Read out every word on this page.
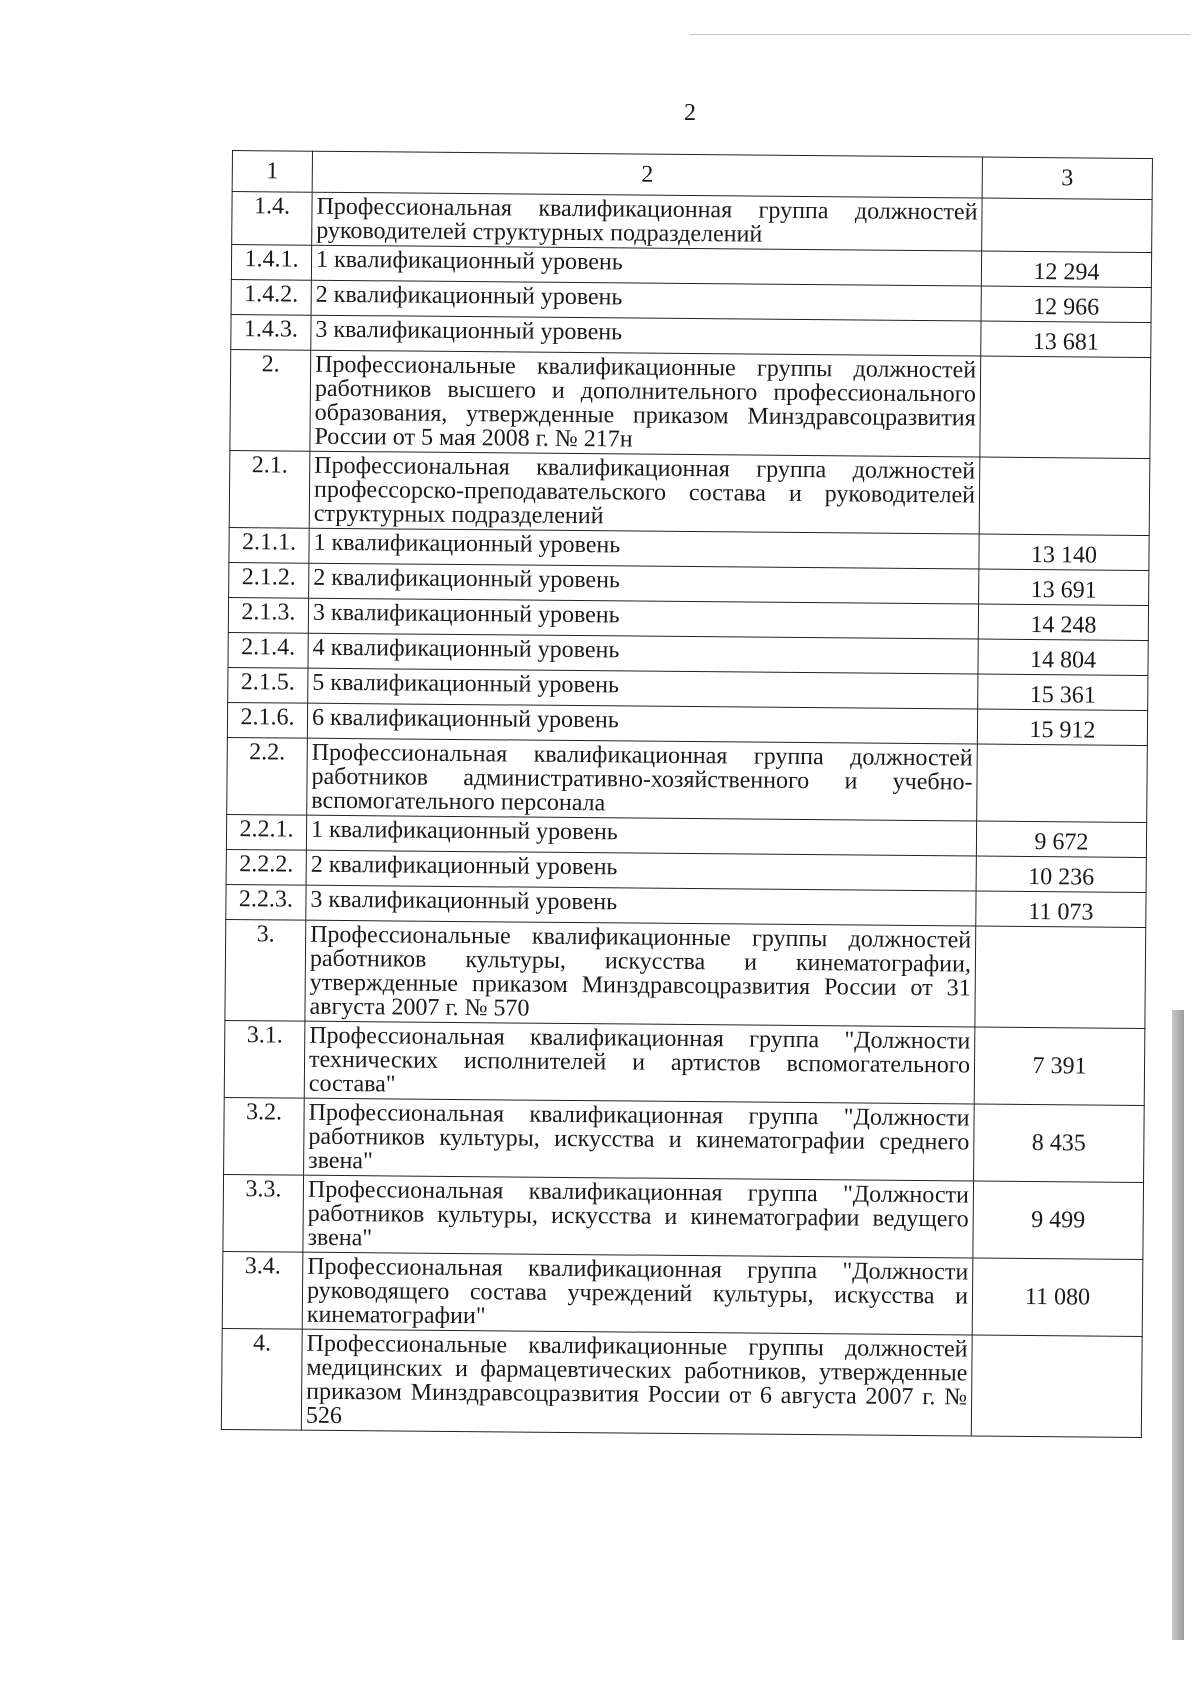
2
1	2	3
1.4.	Профессиональная квалификационная группа должностей руководителей структурных подразделений	
1.4.1.	1 квалификационный уровень	12 294
1.4.2.	2 квалификационный уровень	12 966
1.4.3.	3 квалификационный уровень	13 681
2.	Профессиональные квалификационные группы должностей работников высшего и дополнительного профессионального образования, утвержденные приказом Минздравсоцразвития России от 5 мая 2008 г. № 217н	
2.1.	Профессиональная квалификационная группа должностей профессорско-преподавательского состава и руководителей структурных подразделений	
2.1.1.	1 квалификационный уровень	13 140
2.1.2.	2 квалификационный уровень	13 691
2.1.3.	3 квалификационный уровень	14 248
2.1.4.	4 квалификационный уровень	14 804
2.1.5.	5 квалификационный уровень	15 361
2.1.6.	6 квалификационный уровень	15 912
2.2.	Профессиональная квалификационная группа должностей работников административно-хозяйственного и учебно-вспомогательного персонала	
2.2.1.	1 квалификационный уровень	9 672
2.2.2.	2 квалификационный уровень	10 236
2.2.3.	3 квалификационный уровень	11 073
3.	Профессиональные квалификационные группы должностей работников культуры, искусства и кинематографии, утвержденные приказом Минздравсоцразвития России от 31 августа 2007 г. № 570	
3.1.	Профессиональная квалификационная группа "Должности технических исполнителей и артистов вспомогательного состава"	7 391
3.2.	Профессиональная квалификационная группа "Должности работников культуры, искусства и кинематографии среднего звена"	8 435
3.3.	Профессиональная квалификационная группа "Должности работников культуры, искусства и кинематографии ведущего звена"	9 499
3.4.	Профессиональная квалификационная группа "Должности руководящего состава учреждений культуры, искусства и кинематографии"	11 080
4.	Профессиональные квалификационные группы должностей медицинских и фармацевтических работников, утвержденные приказом Минздравсоцразвития России от 6 августа 2007 г. № 526	
